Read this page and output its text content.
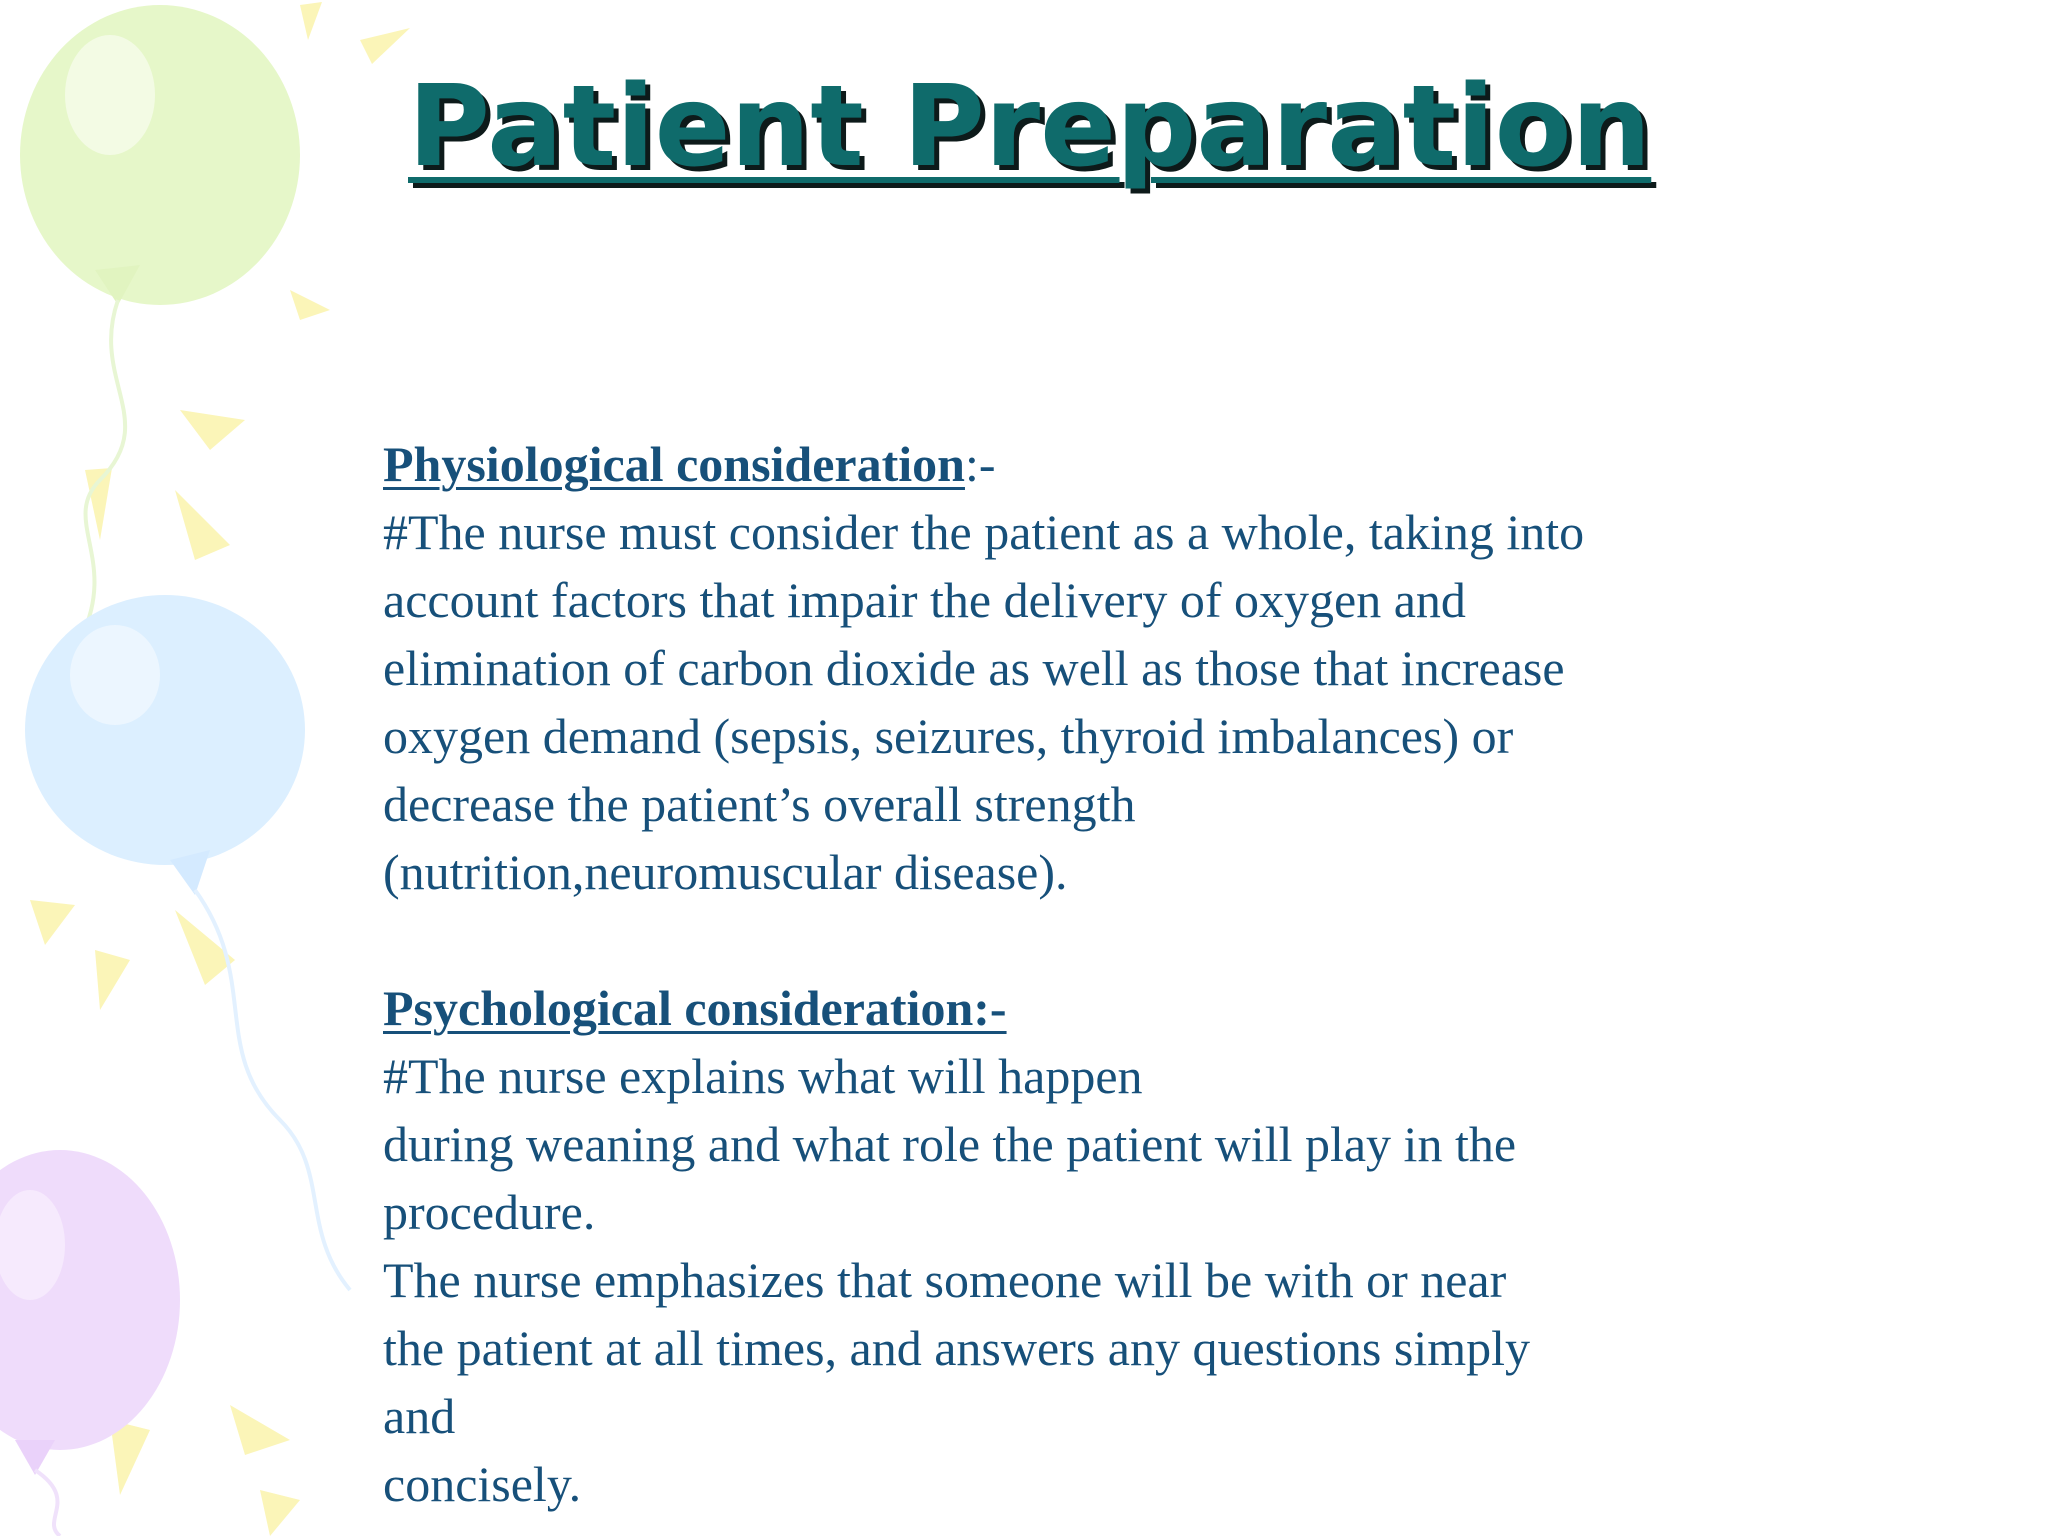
Patient Preparation
Physiological consideration:-
#The nurse must consider the patient as a whole, taking into
account factors that impair the delivery of oxygen and
elimination of carbon dioxide as well as those that increase
oxygen demand (sepsis, seizures, thyroid imbalances) or
decrease the patient’s overall strength
(nutrition,neuromuscular disease).
Psychological consideration:-
#The nurse explains what will happen
during weaning and what role the patient will play in the
procedure.
The nurse emphasizes that someone will be with or near
the patient at all times, and answers any questions simply
and
concisely.
